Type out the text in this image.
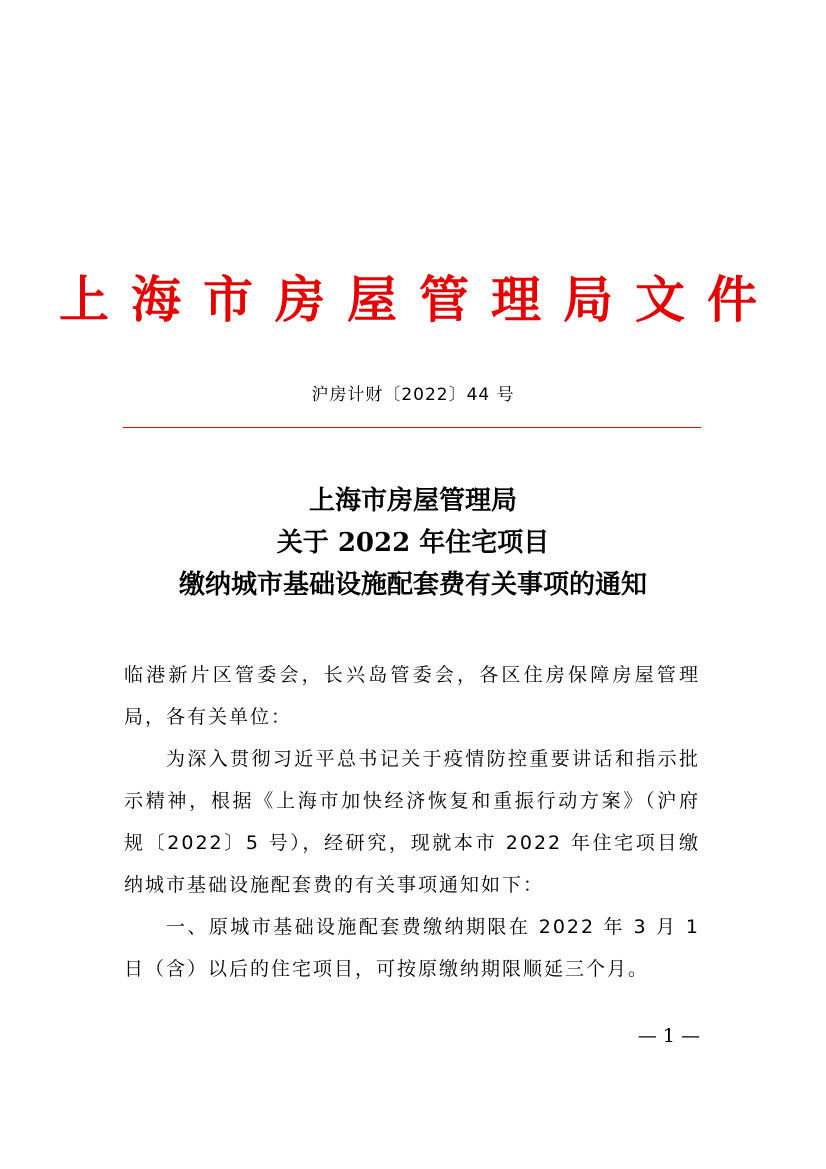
上海市房屋管理局文件
沪房计财〔2022〕44 号
上海市房屋管理局
关于 2022 年住宅项目
缴纳城市基础设施配套费有关事项的通知

临港新片区管委会，长兴岛管委会，各区住房保障房屋管理局，各有关单位：

为深入贯彻习近平总书记关于疫情防控重要讲话和指示批示精神，根据《上海市加快经济恢复和重振行动方案》（沪府规〔2022〕5 号），经研究，现就本市 2022 年住宅项目缴纳城市基础设施配套费的有关事项通知如下：

一、原城市基础设施配套费缴纳期限在 2022 年 3 月 1 日（含）以后的住宅项目，可按原缴纳期限顺延三个月。

— 1 —
